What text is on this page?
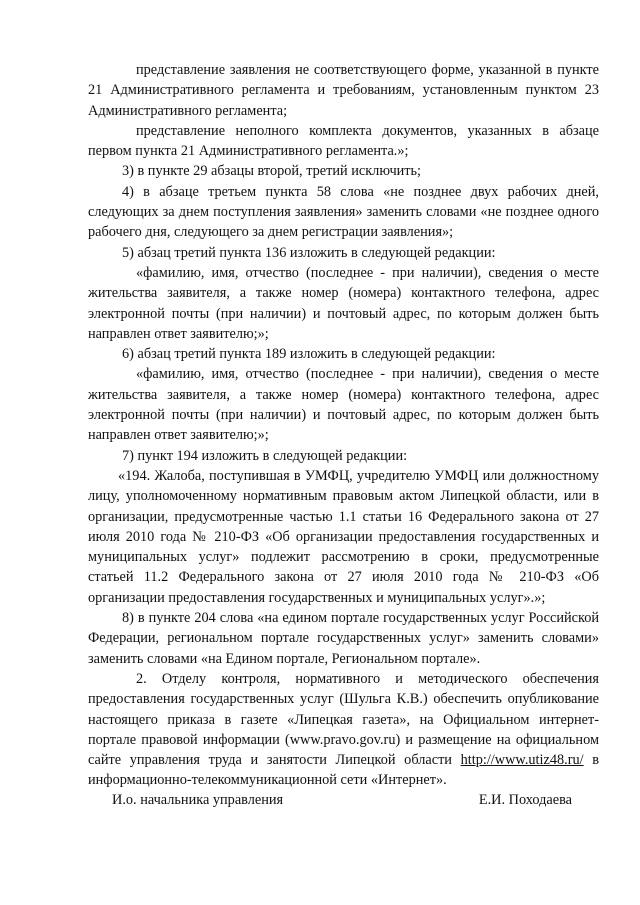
представление заявления не соответствующего форме, указанной в пункте 21 Административного регламента и требованиям, установленным пунктом 23 Административного регламента;

представление неполного комплекта документов, указанных в абзаце первом пункта 21 Административного регламента.»;

3) в пункте 29 абзацы второй, третий исключить;

4) в абзаце третьем пункта 58 слова «не позднее двух рабочих дней, следующих за днем поступления заявления» заменить словами «не позднее одного рабочего дня, следующего за днем регистрации заявления»;

5) абзац третий пункта 136 изложить в следующей редакции:

«фамилию, имя, отчество (последнее - при наличии), сведения о месте жительства заявителя, а также номер (номера) контактного телефона, адрес электронной почты (при наличии) и почтовый адрес, по которым должен быть направлен ответ заявителю;»;

6) абзац третий пункта 189 изложить в следующей редакции:

«фамилию, имя, отчество (последнее - при наличии), сведения о месте жительства заявителя, а также номер (номера) контактного телефона, адрес электронной почты (при наличии) и почтовый адрес, по которым должен быть направлен ответ заявителю;»;

7) пункт 194 изложить в следующей редакции:

«194. Жалоба, поступившая в УМФЦ, учредителю УМФЦ или должностному лицу, уполномоченному нормативным правовым актом Липецкой области, или в организации, предусмотренные частью 1.1 статьи 16 Федерального закона от 27 июля 2010 года № 210-ФЗ «Об организации предоставления государственных и муниципальных услуг» подлежит рассмотрению в сроки, предусмотренные статьей 11.2 Федерального закона от 27 июля 2010 года № 210-ФЗ «Об организации предоставления государственных и муниципальных услуг».»;

8) в пункте 204 слова «на едином портале государственных услуг Российской Федерации, региональном портале государственных услуг» заменить словами» заменить словами «на Едином портале, Региональном портале».

2. Отделу контроля, нормативного и методического обеспечения предоставления государственных услуг (Шульга К.В.) обеспечить опубликование настоящего приказа в газете «Липецкая газета», на Официальном интернет-портале правовой информации (www.pravo.gov.ru) и размещение на официальном сайте управления труда и занятости Липецкой области http://www.utiz48.ru/ в информационно-телекоммуникационной сети «Интернет».

И.о. начальника управления	Е.И. Походаева
